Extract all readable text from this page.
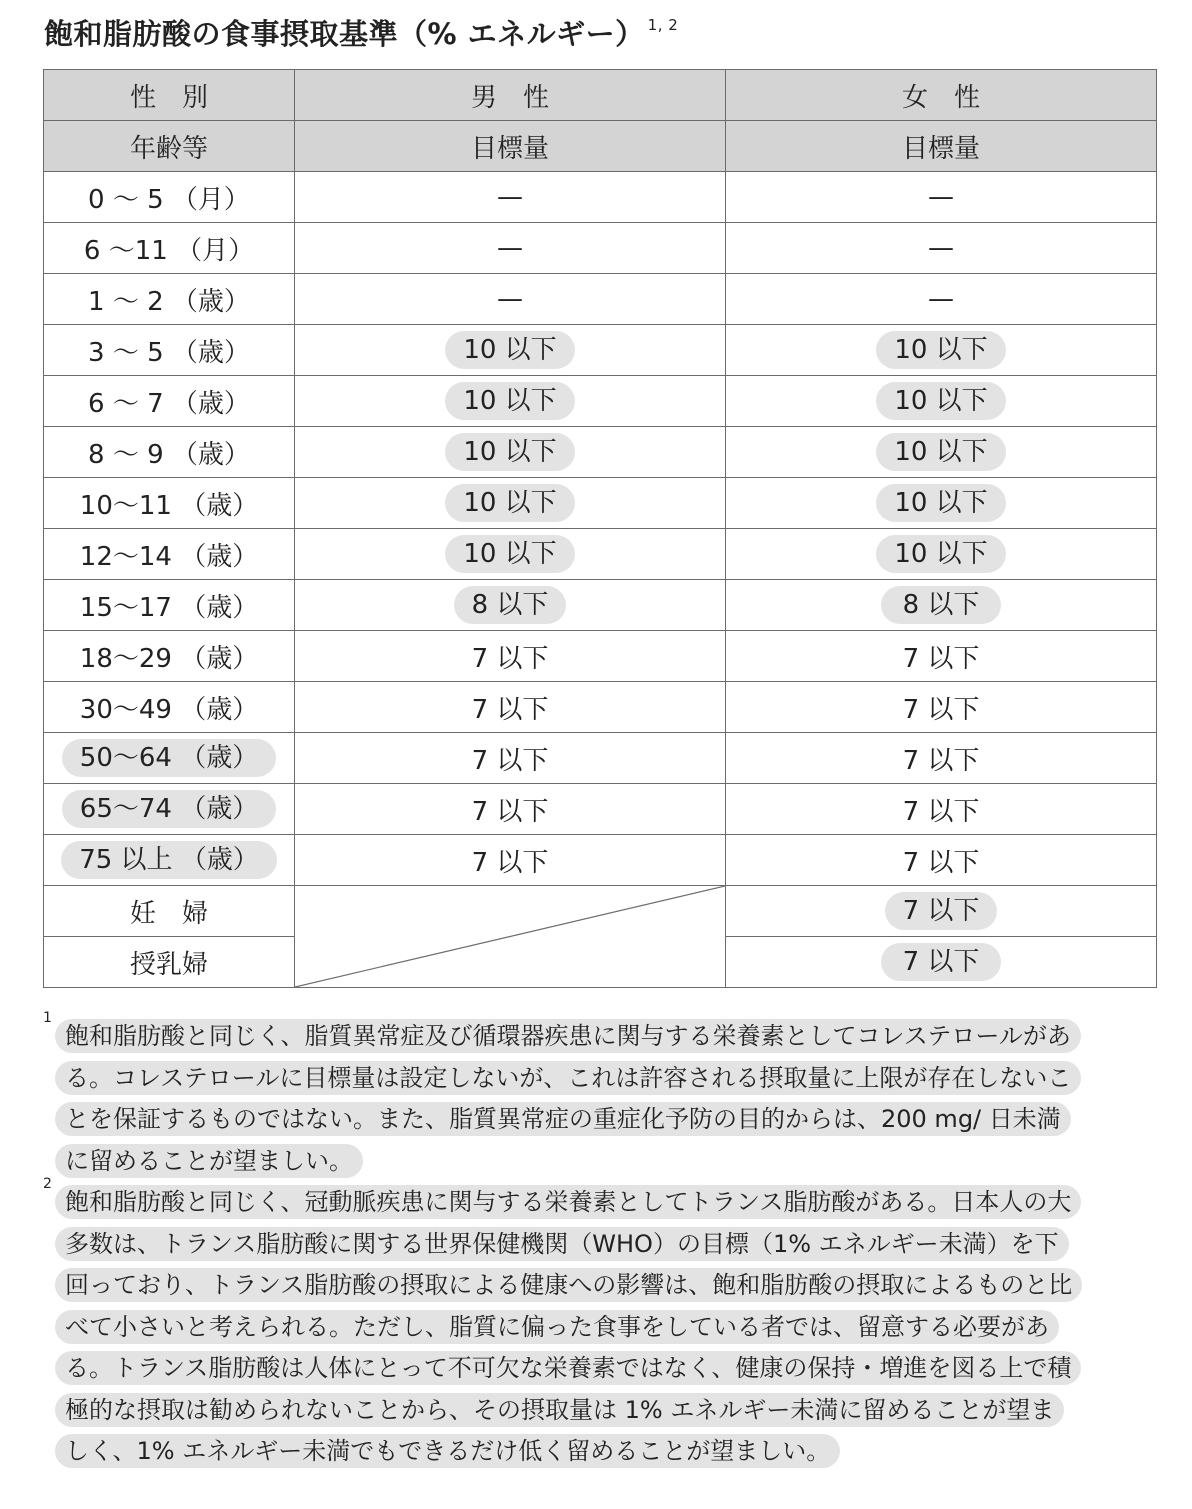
飽和脂肪酸の食事摂取基準（% エネルギー） $^{1, 2}$
性　別	男　性	女　性
年齢等	目標量	目標量
0 ～ 5 （月）	—	—
6 ～11 （月）	—	—
1 ～ 2 （歳）	—	—
3 ～ 5 （歳）	10 以下	10 以下
6 ～ 7 （歳）	10 以下	10 以下
8 ～ 9 （歳）	10 以下	10 以下
10～11 （歳）	10 以下	10 以下
12～14 （歳）	10 以下	10 以下
15～17 （歳）	8 以下	8 以下
18～29 （歳）	7 以下	7 以下
30～49 （歳）	7 以下	7 以下
50～64 （歳）	7 以下	7 以下
65～74 （歳）	7 以下	7 以下
75 以上 （歳）	7 以下	7 以下
妊　婦		7 以下
授乳婦		7 以下
1
飽和脂肪酸と同じく、脂質異常症及び循環器疾患に関与する栄養素としてコレステロールがあ
る。コレステロールに目標量は設定しないが、これは許容される摂取量に上限が存在しないこ
とを保証するものではない。また、脂質異常症の重症化予防の目的からは、200 mg/ 日未満
に留めることが望ましい。
2
飽和脂肪酸と同じく、冠動脈疾患に関与する栄養素としてトランス脂肪酸がある。日本人の大
多数は、トランス脂肪酸に関する世界保健機関（WHO）の目標（1% エネルギー未満）を下
回っており、トランス脂肪酸の摂取による健康への影響は、飽和脂肪酸の摂取によるものと比
べて小さいと考えられる。ただし、脂質に偏った食事をしている者では、留意する必要があ
る。トランス脂肪酸は人体にとって不可欠な栄養素ではなく、健康の保持・増進を図る上で積
極的な摂取は勧められないことから、その摂取量は 1% エネルギー未満に留めることが望ま
しく、1% エネルギー未満でもできるだけ低く留めることが望ましい。
